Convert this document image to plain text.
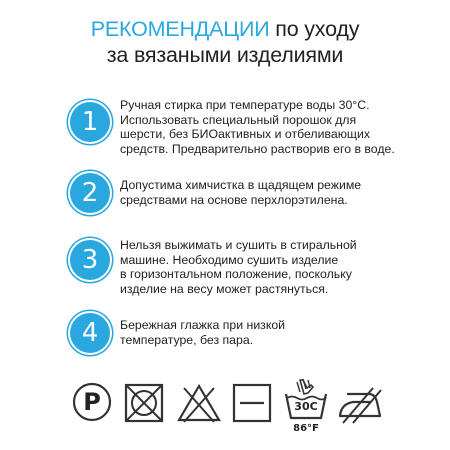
РЕКОМЕНДАЦИИ по уходу
за вязаными изделиями
1
Ручная стирка при температуре воды 30°С.
Использовать специальный порошок для
шерсти, без БИОактивных и отбеливающих
средств. Предварительно растворив его в воде.
2	Допустима химчистка в щадящем режиме
средствами на основе перхлорэтилена.
3	Нельзя выжимать и сушить в стиральной
машине. Необходимо сушить изделие
в горизонтальном положение, поскольку
изделие на весу может растянуться.
4	Бережная глажка при низкой
температуре, без пара.
P	30C
86°F
